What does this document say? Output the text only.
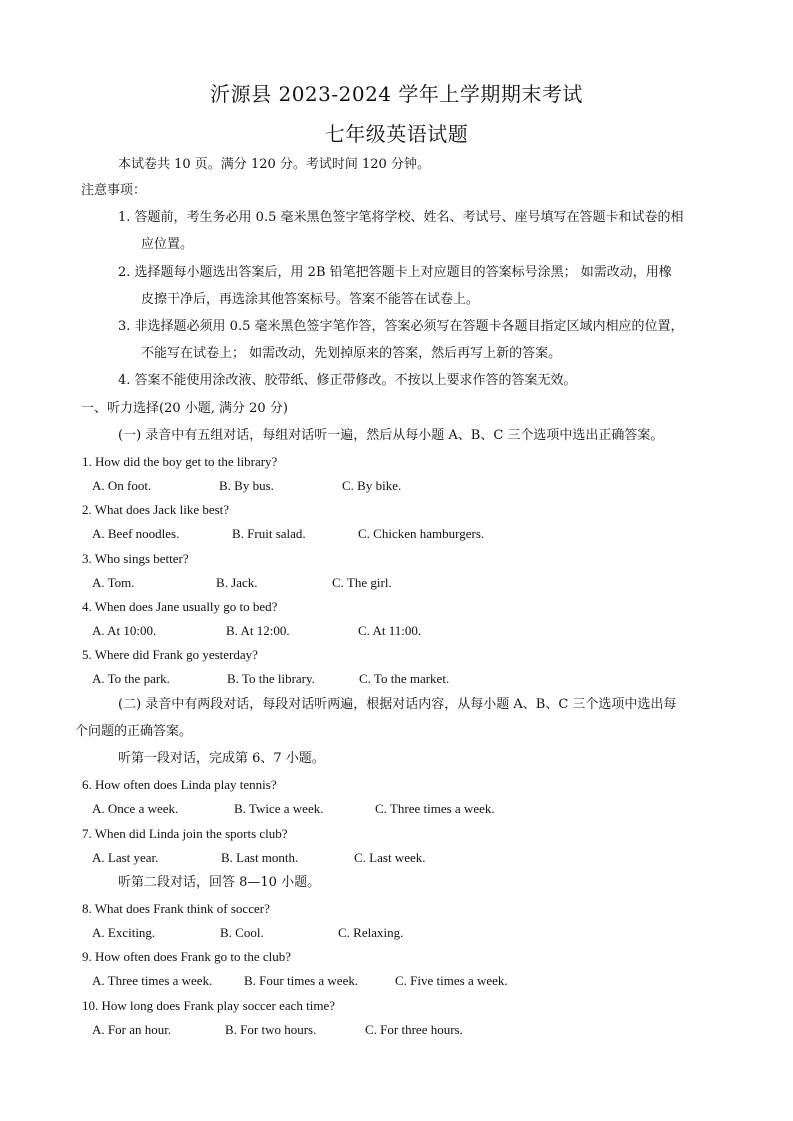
沂源县 2023-2024 学年上学期期末考试
七年级英语试题
本试卷共 10 页。满分 120 分。考试时间 120 分钟。
注意事项：
1. 答题前，考生务必用 0.5 毫米黑色签字笔将学校、姓名、考试号、座号填写在答题卡和试卷的相
应位置。
2. 选择题每小题选出答案后，用 2B 铅笔把答题卡上对应题目的答案标号涂黑； 如需改动，用橡
皮擦干净后，再选涂其他答案标号。答案不能答在试卷上。
3. 非选择题必须用 0.5 毫米黑色签字笔作答，答案必须写在答题卡各题目指定区域内相应的位置，
不能写在试卷上； 如需改动，先划掉原来的答案，然后再写上新的答案。
4. 答案不能使用涂改液、胶带纸、修正带修改。不按以上要求作答的答案无效。
一、听力选择(20 小题, 满分 20 分)
(一) 录音中有五组对话，每组对话听一遍，然后从每小题 A、B、C 三个选项中选出正确答案。
1. How did the boy get to the library?
A. On foot.	B. By bus.	C. By bike.
2. What does Jack like best?
A. Beef noodles.	B. Fruit salad.	C. Chicken hamburgers.
3. Who sings better?
A. Tom.	B. Jack.	C. The girl.
4. When does Jane usually go to bed?
A. At 10:00.	B. At 12:00.	C. At 11:00.
5. Where did Frank go yesterday?
A. To the park.	B. To the library.	C. To the market.
(二) 录音中有两段对话，每段对话听两遍，根据对话内容，从每小题 A、B、C 三个选项中选出每
个问题的正确答案。
听第一段对话，完成第 6、7 小题。
6. How often does Linda play tennis?
A. Once a week.	B. Twice a week.	C. Three times a week.
7. When did Linda join the sports club?
A. Last year.	B. Last month.	C. Last week.
听第二段对话，回答 8—10 小题。
8. What does Frank think of soccer?
A. Exciting.	B. Cool.	C. Relaxing.
9. How often does Frank go to the club?
A. Three times a week. B. Four times a week.	C. Five times a week.
10. How long does Frank play soccer each time?
A. For an hour.	B. For two hours.	C. For three hours.
